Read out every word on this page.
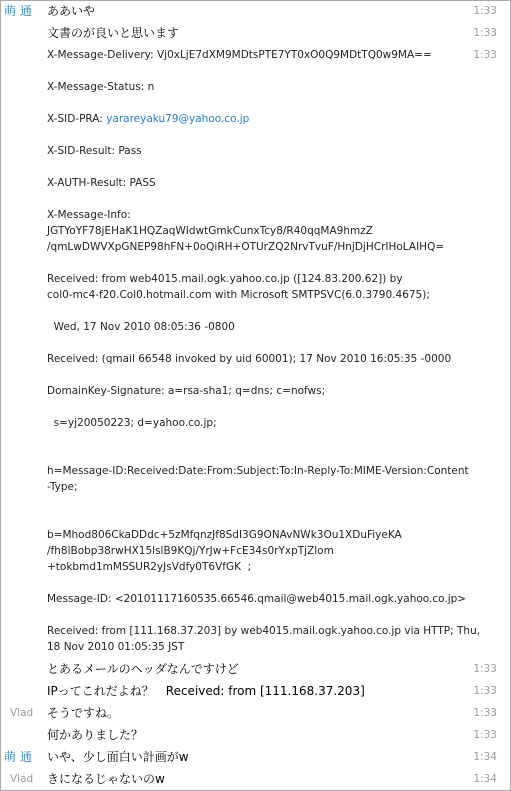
萌 通 ああいや	1:33
文書のが良いと思います	1:33
1:33
X-Message-Delivery: Vj0xLjE7dXM9MDtsPTE7YT0xO0Q9MDtTQ0w9MA==
X-Message-Status: n
X-SID-PRA: yarareyaku79@yahoo.co.jp
X-SID-Result: Pass
X-AUTH-Result: PASS
X-Message-Info:
JGTYoYF78jEHaK1HQZaqWIdwtGmkCunxTcy8/R40qqMA9hmzZ
/qmLwDWVXpGNEP98hFN+0oQiRH+OTUrZQ2NrvTvuF/HnjDjHCrIHoLAIHQ=
Received: from web4015.mail.ogk.yahoo.co.jp ([124.83.200.62]) by
col0-mc4-f20.Col0.hotmail.com with Microsoft SMTPSVC(6.0.3790.4675);
Wed, 17 Nov 2010 08:05:36 -0800
Received: (qmail 66548 invoked by uid 60001); 17 Nov 2010 16:05:35 -0000
DomainKey-Signature: a=rsa-sha1; q=dns; c=nofws;
s=yj20050223; d=yahoo.co.jp;
h=Message-ID:Received:Date:From:Subject:To:In-Reply-To:MIME-Version:Content
-Type;
b=Mhod806CkaDDdc+5zMfqnzJf8SdI3G9ONAvNWk3Ou1XDuFiyeKA
/fh8lBobp38rwHX15lslB9KQj/YrJw+FcE34s0rYxpTjZlom
+tokbmd1mMSSUR2yJsVdfy0T6VfGK  ;
Message-ID: <20101117160535.66546.qmail@web4015.mail.ogk.yahoo.co.jp>
Received: from [111.168.37.203] by web4015.mail.ogk.yahoo.co.jp via HTTP; Thu,
18 Nov 2010 01:05:35 JST
とあるメールのヘッダなんですけど	1:33
IPってこれだよね？　Received: from [111.168.37.203]	1:33
Vlad そうですね。	1:33
何かありました？	1:33
萌 通 いや、少し面白い計画がw	1:34
Vlad きになるじゃないのw	1:34
